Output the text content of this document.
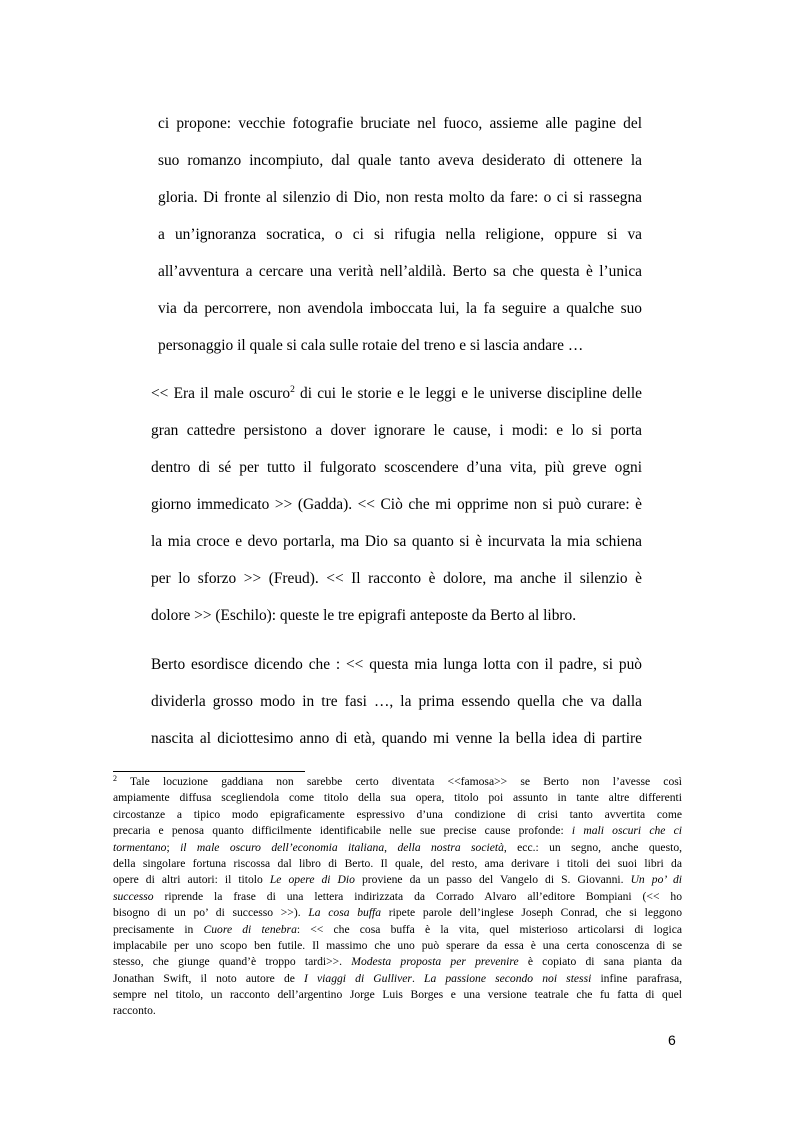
ci propone: vecchie fotografie bruciate nel fuoco, assieme alle pagine del
suo romanzo incompiuto, dal quale tanto aveva desiderato di ottenere la
gloria. Di fronte al silenzio di Dio, non resta molto da fare: o ci si rassegna
a un’ignoranza socratica, o ci si rifugia nella religione, oppure si va
all’avventura a cercare una verità nell’aldilà. Berto sa che questa è l’unica
via da percorrere, non avendola imboccata lui, la fa seguire a qualche suo
personaggio il quale si cala sulle rotaie del treno e si lascia andare …
<< Era il male oscuro$^2$ di cui le storie e le leggi e le universe discipline delle
gran cattedre persistono a dover ignorare le cause, i modi: e lo si porta
dentro di sé per tutto il fulgorato scoscendere d’una vita, più greve ogni
giorno immedicato >> (Gadda). << Ciò che mi opprime non si può curare: è
la mia croce e devo portarla, ma Dio sa quanto si è incurvata la mia schiena
per lo sforzo >> (Freud). << Il racconto è dolore, ma anche il silenzio è
dolore >> (Eschilo): queste le tre epigrafi anteposte da Berto al libro.
Berto esordisce dicendo che : << questa mia lunga lotta con il padre, si può
dividerla grosso modo in tre fasi …, la prima essendo quella che va dalla
nascita al diciottesimo anno di età, quando mi venne la bella idea di partire
$^2$ Tale locuzione gaddiana non sarebbe certo diventata <<famosa>> se Berto non l’avesse così
ampiamente diffusa scegliendola come titolo della sua opera, titolo poi assunto in tante altre differenti
circostanze a tipico modo epigraficamente espressivo d’una condizione di crisi tanto avvertita come
precaria e penosa quanto difficilmente identificabile nelle sue precise cause profonde: i mali oscuri che ci
tormentano; il male oscuro dell’economia italiana, della nostra società, ecc.: un segno, anche questo,
della singolare fortuna riscossa dal libro di Berto. Il quale, del resto, ama derivare i titoli dei suoi libri da
opere di altri autori: il titolo Le opere di Dio proviene da un passo del Vangelo di S. Giovanni. Un po’ di
successo riprende la frase di una lettera indirizzata da Corrado Alvaro all’editore Bompiani (<< ho
bisogno di un po’ di successo >>). La cosa buffa ripete parole dell’inglese Joseph Conrad, che si leggono
precisamente in Cuore di tenebra: << che cosa buffa è la vita, quel misterioso articolarsi di logica
implacabile per uno scopo ben futile. Il massimo che uno può sperare da essa è una certa conoscenza di se
stesso, che giunge quand’è troppo tardi>>. Modesta proposta per prevenire è copiato di sana pianta da
Jonathan Swift, il noto autore de I viaggi di Gulliver. La passione secondo noi stessi infine parafrasa,
sempre nel titolo, un racconto dell’argentino Jorge Luis Borges e una versione teatrale che fu fatta di quel
racconto.
6
